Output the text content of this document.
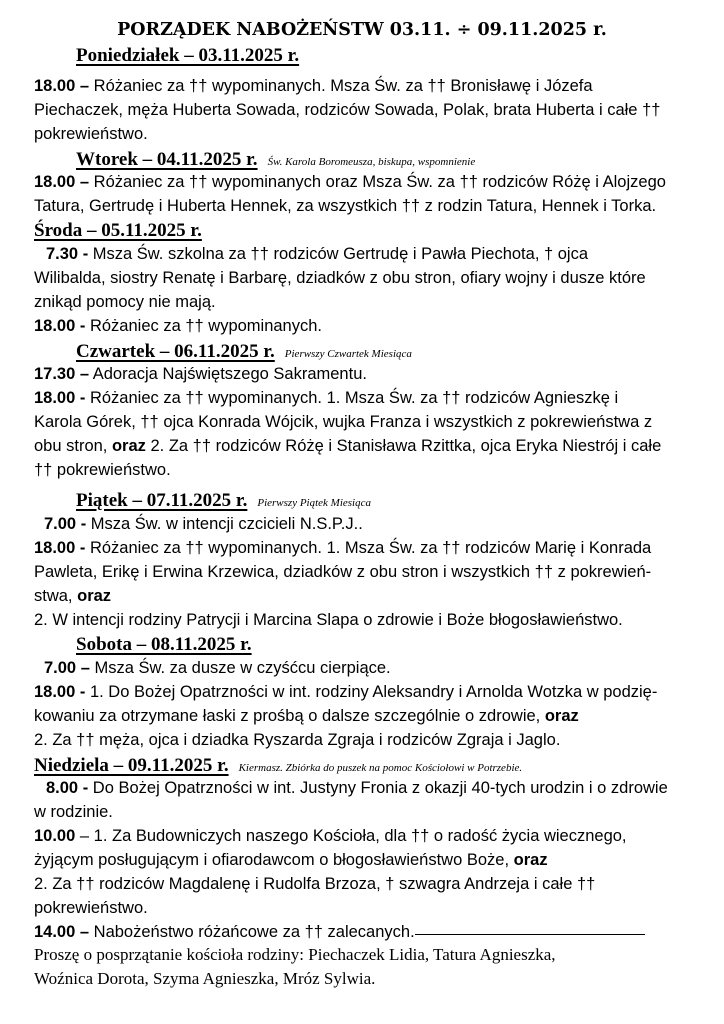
PORZĄDEK NABOŻEŃSTW 03.11. ÷ 09.11.2025 r.
Poniedziałek – 03.11.2025 r.
18.00 – Różaniec za †† wypominanych. Msza Św. za †† Bronisławę i Józefa
Piechaczek, męża Huberta Sowada, rodziców Sowada, Polak, brata Huberta i całe ††
pokrewieństwo.
Wtorek – 04.11.2025 r. Św. Karola Boromeusza, biskupa, wspomnienie
18.00 – Różaniec za †† wypominanych oraz Msza Św. za †† rodziców Różę i Alojzego
Tatura, Gertrudę i Huberta Hennek, za wszystkich †† z rodzin Tatura, Hennek i Torka.
Środa – 05.11.2025 r.
7.30 - Msza Św. szkolna za †† rodziców Gertrudę i Pawła Piechota, † ojca
Wilibalda, siostry Renatę i Barbarę, dziadków z obu stron, ofiary wojny i dusze które
znikąd pomocy nie mają.
18.00 - Różaniec za †† wypominanych.
Czwartek – 06.11.2025 r. Pierwszy Czwartek Miesiąca
17.30 – Adoracja Najświętszego Sakramentu.
18.00 - Różaniec za †† wypominanych. 1. Msza Św. za †† rodziców Agnieszkę i
Karola Górek, †† ojca Konrada Wójcik, wujka Franza i wszystkich z pokrewieństwa z
obu stron, oraz 2. Za †† rodziców Różę i Stanisława Rzittka, ojca Eryka Niestrój i całe
†† pokrewieństwo.
Piątek – 07.11.2025 r. Pierwszy Piątek Miesiąca
7.00 - Msza Św. w intencji czcicieli N.S.P.J..
18.00 - Różaniec za †† wypominanych. 1. Msza Św. za †† rodziców Marię i Konrada
Pawleta, Erikę i Erwina Krzewica, dziadków z obu stron i wszystkich †† z pokrewień-
stwa, oraz
2. W intencji rodziny Patrycji i Marcina Slapa o zdrowie i Boże błogosławieństwo.
Sobota – 08.11.2025 r.
7.00 – Msza Św. za dusze w czyśćcu cierpiące.
18.00 - 1. Do Bożej Opatrzności w int. rodziny Aleksandry i Arnolda Wotzka w podzię-
kowaniu za otrzymane łaski z prośbą o dalsze szczególnie o zdrowie, oraz
2. Za †† męża, ojca i dziadka Ryszarda Zgraja i rodziców Zgraja i Jaglo.
Niedziela – 09.11.2025 r. Kiermasz. Zbiórka do puszek na pomoc Kościołowi w Potrzebie.
8.00 - Do Bożej Opatrzności w int. Justyny Fronia z okazji 40-tych urodzin i o zdrowie
w rodzinie.
10.00 – 1. Za Budowniczych naszego Kościoła, dla †† o radość życia wiecznego,
żyjącym posługującym i ofiarodawcom o błogosławieństwo Boże, oraz
2. Za †† rodziców Magdalenę i Rudolfa Brzoza, † szwagra Andrzeja i całe ††
pokrewieństwo.
14.00 – Nabożeństwo różańcowe za †† zalecanych.
Proszę o posprzątanie kościoła rodziny: Piechaczek Lidia, Tatura Agnieszka,
Woźnica Dorota, Szyma Agnieszka, Mróz Sylwia.
